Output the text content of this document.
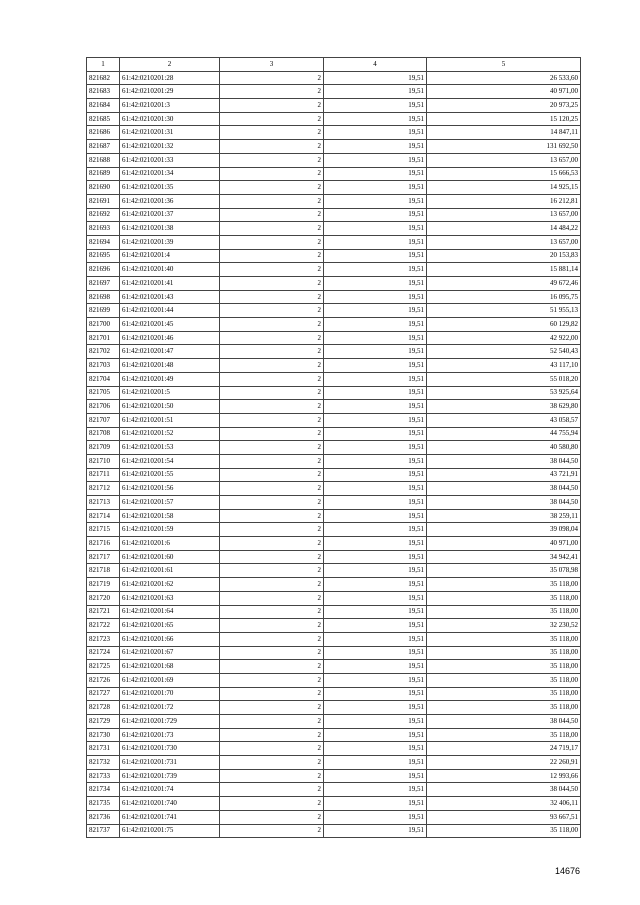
1	2	3	4	5
821682	61:42:0210201:28	2	19,51	26 533,60
821683	61:42:0210201:29	2	19,51	40 971,00
821684	61:42:0210201:3	2	19,51	20 973,25
821685	61:42:0210201:30	2	19,51	15 120,25
821686	61:42:0210201:31	2	19,51	14 847,11
821687	61:42:0210201:32	2	19,51	131 692,50
821688	61:42:0210201:33	2	19,51	13 657,00
821689	61:42:0210201:34	2	19,51	15 666,53
821690	61:42:0210201:35	2	19,51	14 925,15
821691	61:42:0210201:36	2	19,51	16 212,81
821692	61:42:0210201:37	2	19,51	13 657,00
821693	61:42:0210201:38	2	19,51	14 484,22
821694	61:42:0210201:39	2	19,51	13 657,00
821695	61:42:0210201:4	2	19,51	20 153,83
821696	61:42:0210201:40	2	19,51	15 881,14
821697	61:42:0210201:41	2	19,51	49 672,46
821698	61:42:0210201:43	2	19,51	16 095,75
821699	61:42:0210201:44	2	19,51	51 955,13
821700	61:42:0210201:45	2	19,51	60 129,82
821701	61:42:0210201:46	2	19,51	42 922,00
821702	61:42:0210201:47	2	19,51	52 540,43
821703	61:42:0210201:48	2	19,51	43 117,10
821704	61:42:0210201:49	2	19,51	55 018,20
821705	61:42:0210201:5	2	19,51	53 925,64
821706	61:42:0210201:50	2	19,51	38 629,80
821707	61:42:0210201:51	2	19,51	43 058,57
821708	61:42:0210201:52	2	19,51	44 755,94
821709	61:42:0210201:53	2	19,51	40 580,80
821710	61:42:0210201:54	2	19,51	38 044,50
821711	61:42:0210201:55	2	19,51	43 721,91
821712	61:42:0210201:56	2	19,51	38 044,50
821713	61:42:0210201:57	2	19,51	38 044,50
821714	61:42:0210201:58	2	19,51	38 259,11
821715	61:42:0210201:59	2	19,51	39 098,04
821716	61:42:0210201:6	2	19,51	40 971,00
821717	61:42:0210201:60	2	19,51	34 942,41
821718	61:42:0210201:61	2	19,51	35 078,98
821719	61:42:0210201:62	2	19,51	35 118,00
821720	61:42:0210201:63	2	19,51	35 118,00
821721	61:42:0210201:64	2	19,51	35 118,00
821722	61:42:0210201:65	2	19,51	32 230,52
821723	61:42:0210201:66	2	19,51	35 118,00
821724	61:42:0210201:67	2	19,51	35 118,00
821725	61:42:0210201:68	2	19,51	35 118,00
821726	61:42:0210201:69	2	19,51	35 118,00
821727	61:42:0210201:70	2	19,51	35 118,00
821728	61:42:0210201:72	2	19,51	35 118,00
821729	61:42:0210201:729	2	19,51	38 044,50
821730	61:42:0210201:73	2	19,51	35 118,00
821731	61:42:0210201:730	2	19,51	24 719,17
821732	61:42:0210201:731	2	19,51	22 260,91
821733	61:42:0210201:739	2	19,51	12 993,66
821734	61:42:0210201:74	2	19,51	38 044,50
821735	61:42:0210201:740	2	19,51	32 406,11
821736	61:42:0210201:741	2	19,51	93 667,51
821737	61:42:0210201:75	2	19,51	35 118,00
14676
